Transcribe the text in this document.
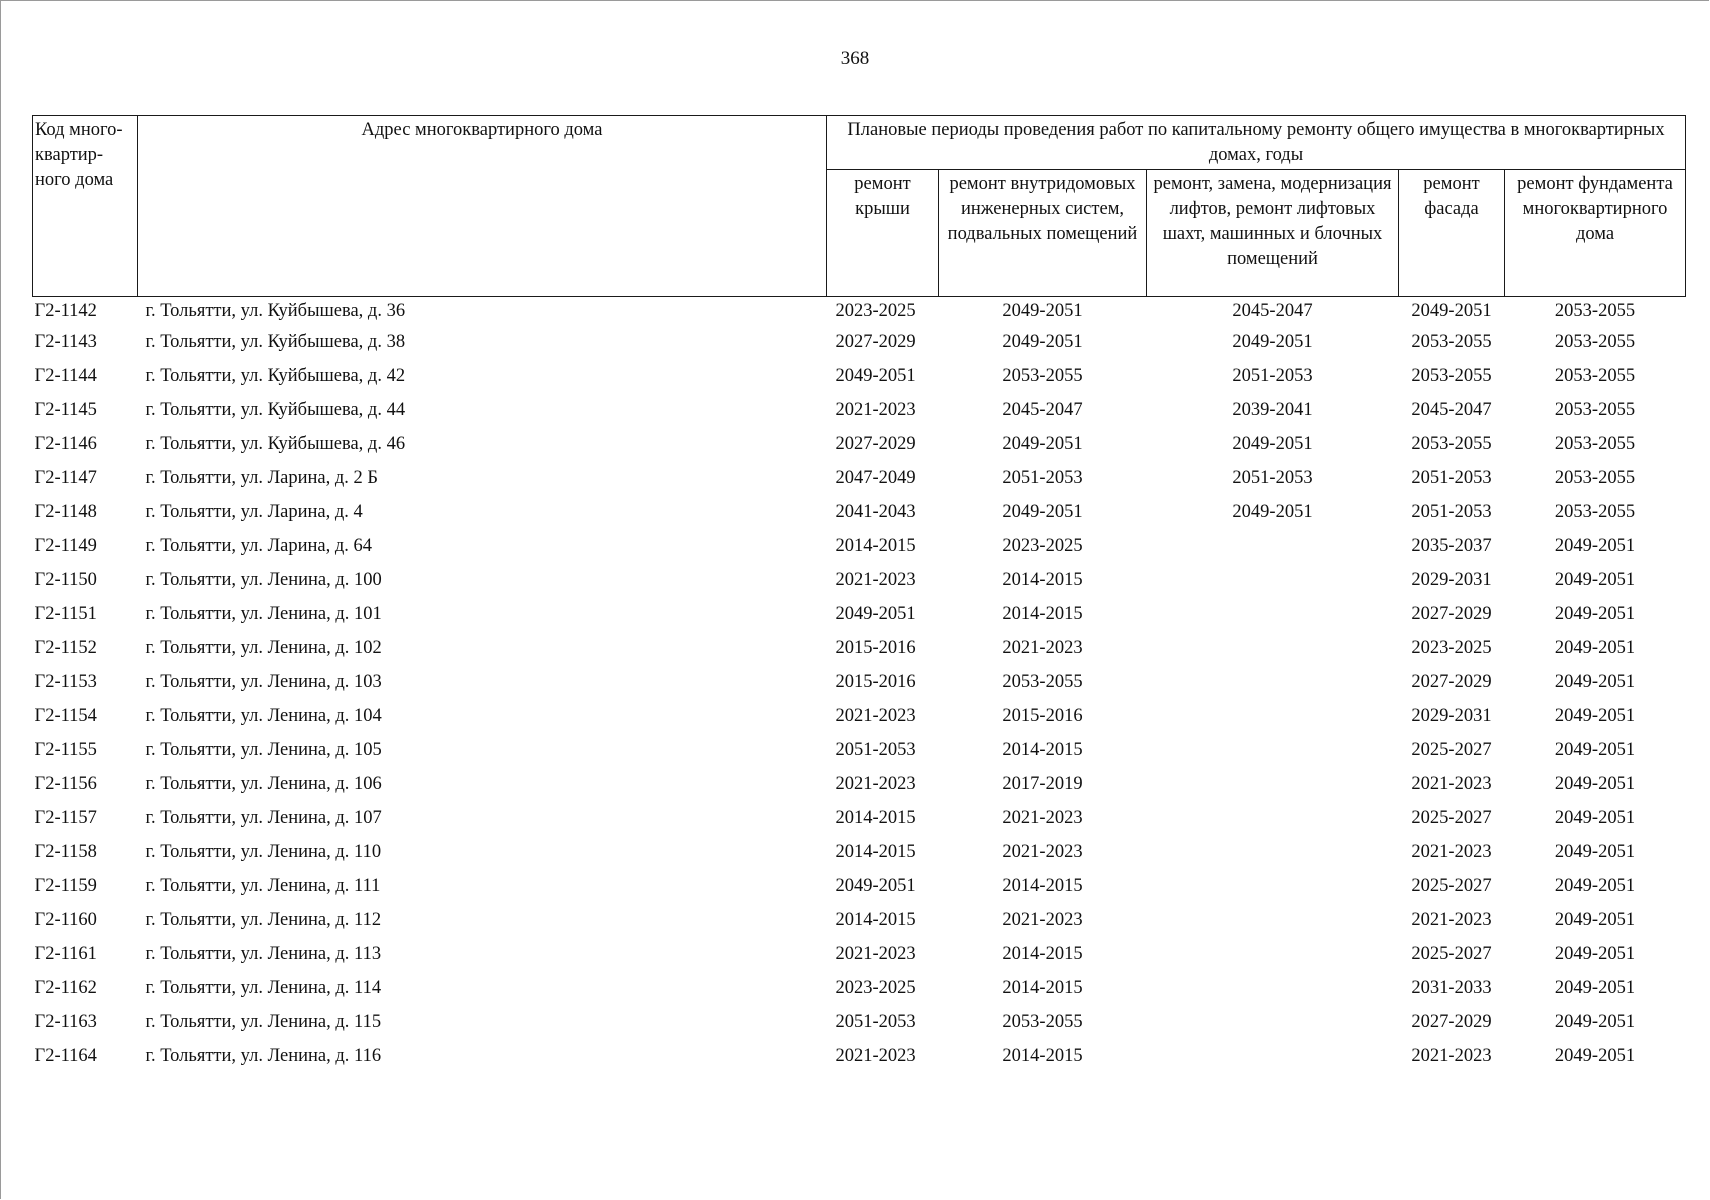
368
Код много-квартир-ного дома	Адрес многоквартирного дома	Плановые периоды проведения работ по капитальному ремонту общего имущества в многоквартирных домах, годы				
		ремонт крыши	ремонт внутридомовых инженерных систем, подвальных помещений	ремонт, замена, модернизация лифтов, ремонт лифтовых шахт, машинных и блочных помещений	ремонт фасада	ремонт фундамента многоквартирного дома
Г2-1142	г. Тольятти, ул. Куйбышева, д. 36	2023-2025	2049-2051	2045-2047	2049-2051	2053-2055
Г2-1143	г. Тольятти, ул. Куйбышева, д. 38	2027-2029	2049-2051	2049-2051	2053-2055	2053-2055
Г2-1144	г. Тольятти, ул. Куйбышева, д. 42	2049-2051	2053-2055	2051-2053	2053-2055	2053-2055
Г2-1145	г. Тольятти, ул. Куйбышева, д. 44	2021-2023	2045-2047	2039-2041	2045-2047	2053-2055
Г2-1146	г. Тольятти, ул. Куйбышева, д. 46	2027-2029	2049-2051	2049-2051	2053-2055	2053-2055
Г2-1147	г. Тольятти, ул. Ларина, д. 2 Б	2047-2049	2051-2053	2051-2053	2051-2053	2053-2055
Г2-1148	г. Тольятти, ул. Ларина, д. 4	2041-2043	2049-2051	2049-2051	2051-2053	2053-2055
Г2-1149	г. Тольятти, ул. Ларина, д. 64	2014-2015	2023-2025		2035-2037	2049-2051
Г2-1150	г. Тольятти, ул. Ленина, д. 100	2021-2023	2014-2015		2029-2031	2049-2051
Г2-1151	г. Тольятти, ул. Ленина, д. 101	2049-2051	2014-2015		2027-2029	2049-2051
Г2-1152	г. Тольятти, ул. Ленина, д. 102	2015-2016	2021-2023		2023-2025	2049-2051
Г2-1153	г. Тольятти, ул. Ленина, д. 103	2015-2016	2053-2055		2027-2029	2049-2051
Г2-1154	г. Тольятти, ул. Ленина, д. 104	2021-2023	2015-2016		2029-2031	2049-2051
Г2-1155	г. Тольятти, ул. Ленина, д. 105	2051-2053	2014-2015		2025-2027	2049-2051
Г2-1156	г. Тольятти, ул. Ленина, д. 106	2021-2023	2017-2019		2021-2023	2049-2051
Г2-1157	г. Тольятти, ул. Ленина, д. 107	2014-2015	2021-2023		2025-2027	2049-2051
Г2-1158	г. Тольятти, ул. Ленина, д. 110	2014-2015	2021-2023		2021-2023	2049-2051
Г2-1159	г. Тольятти, ул. Ленина, д. 111	2049-2051	2014-2015		2025-2027	2049-2051
Г2-1160	г. Тольятти, ул. Ленина, д. 112	2014-2015	2021-2023		2021-2023	2049-2051
Г2-1161	г. Тольятти, ул. Ленина, д. 113	2021-2023	2014-2015		2025-2027	2049-2051
Г2-1162	г. Тольятти, ул. Ленина, д. 114	2023-2025	2014-2015		2031-2033	2049-2051
Г2-1163	г. Тольятти, ул. Ленина, д. 115	2051-2053	2053-2055		2027-2029	2049-2051
Г2-1164	г. Тольятти, ул. Ленина, д. 116	2021-2023	2014-2015		2021-2023	2049-2051
